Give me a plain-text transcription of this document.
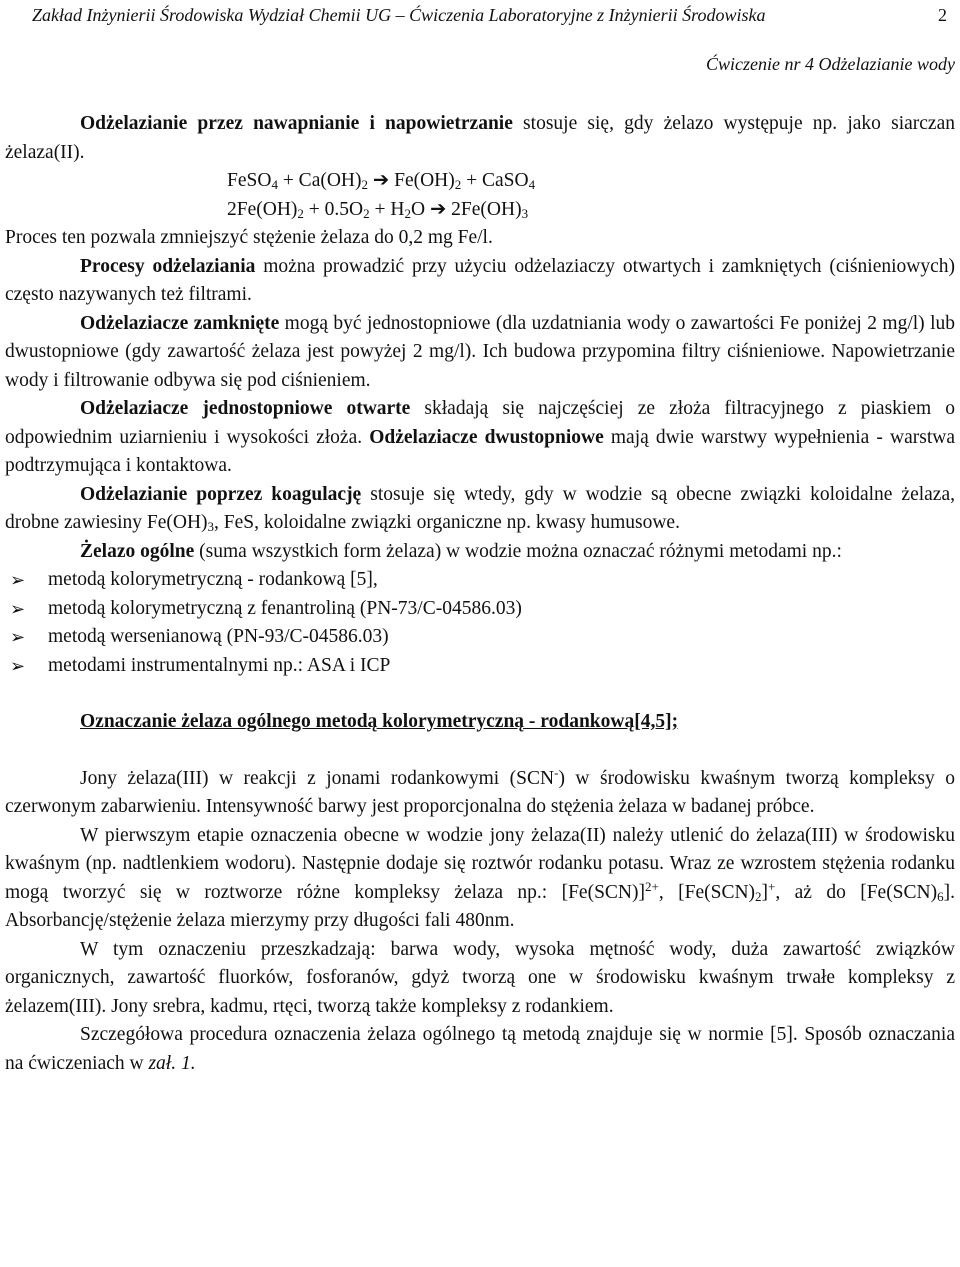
Zakład Inżynierii Środowiska Wydział Chemii UG – Ćwiczenia Laboratoryjne z Inżynierii Środowiska	2
Ćwiczenie nr 4 Odżelazianie wody

Odżelazianie przez nawapnianie i napowietrzanie stosuje się, gdy żelazo występuje np. jako siarczan żelaza(II).

FeSO$_4$ + $Ca(OH)_2$ ➔ $Fe(OH)_2$ + CaSO$_4$

$2Fe(OH)_2 + 0.5O_2 + H_2O$ ➔ $2Fe(OH)_3$

Proces ten pozwala zmniejszyć stężenie żelaza do 0,2 mg Fe/l.

Procesy odżelaziania można prowadzić przy użyciu odżelaziaczy otwartych i zamkniętych (ciśnieniowych) często nazywanych też filtrami.

Odżelaziacze zamknięte mogą być jednostopniowe (dla uzdatniania wody o zawartości Fe poniżej 2 mg/l) lub dwustopniowe (gdy zawartość żelaza jest powyżej 2 mg/l). Ich budowa przypomina filtry ciśnieniowe. Napowietrzanie wody i filtrowanie odbywa się pod ciśnieniem.

Odżelaziacze jednostopniowe otwarte składają się najczęściej ze złoża filtracyjnego z piaskiem o odpowiednim uziarnieniu i wysokości złoża. Odżelaziacze dwustopniowe mają dwie warstwy wypełnienia - warstwa podtrzymująca i kontaktowa.

Odżelazianie poprzez koagulację stosuje się wtedy, gdy w wodzie są obecne związki koloidalne żelaza, drobne zawiesiny $Fe(OH)_3$, FeS, koloidalne związki organiczne np. kwasy humusowe.

Żelazo ogólne (suma wszystkich form żelaza) w wodzie można oznaczać różnymi metodami np.:

➢ metodą kolorymetryczną - rodankową [5],
➢ metodą kolorymetryczną z fenantroliną (PN-73/C-04586.03)
➢ metodą wersenianową (PN-93/C-04586.03)
➢ metodami instrumentalnymi np.: ASA i ICP

Oznaczanie żelaza ogólnego metodą kolorymetryczną - rodankową[4,5];

Jony żelaza(III) w reakcji z jonami rodankowymi (SCN-) w środowisku kwaśnym tworzą kompleksy o czerwonym zabarwieniu. Intensywność barwy jest proporcjonalna do stężenia żelaza w badanej próbce.

W pierwszym etapie oznaczenia obecne w wodzie jony żelaza(II) należy utlenić do żelaza(III) w środowisku kwaśnym (np. nadtlenkiem wodoru). Następnie dodaje się roztwór rodanku potasu. Wraz ze wzrostem stężenia rodanku mogą tworzyć się w roztworze różne kompleksy żelaza np.: $[Fe(SCN)]^{2+}$, $[Fe(SCN)_2]^+$, aż do $[Fe(SCN)_6]$. Absorbancję/stężenie żelaza mierzymy przy długości fali 480nm.

W tym oznaczeniu przeszkadzają: barwa wody, wysoka mętność wody, duża zawartość związków organicznych, zawartość fluorków, fosforanów, gdyż tworzą one w środowisku kwaśnym trwałe kompleksy z żelazem(III). Jony srebra, kadmu, rtęci, tworzą także kompleksy z rodankiem.

Szczegółowa procedura oznaczenia żelaza ogólnego tą metodą znajduje się w normie [5]. Sposób oznaczania na ćwiczeniach w zał. 1.
